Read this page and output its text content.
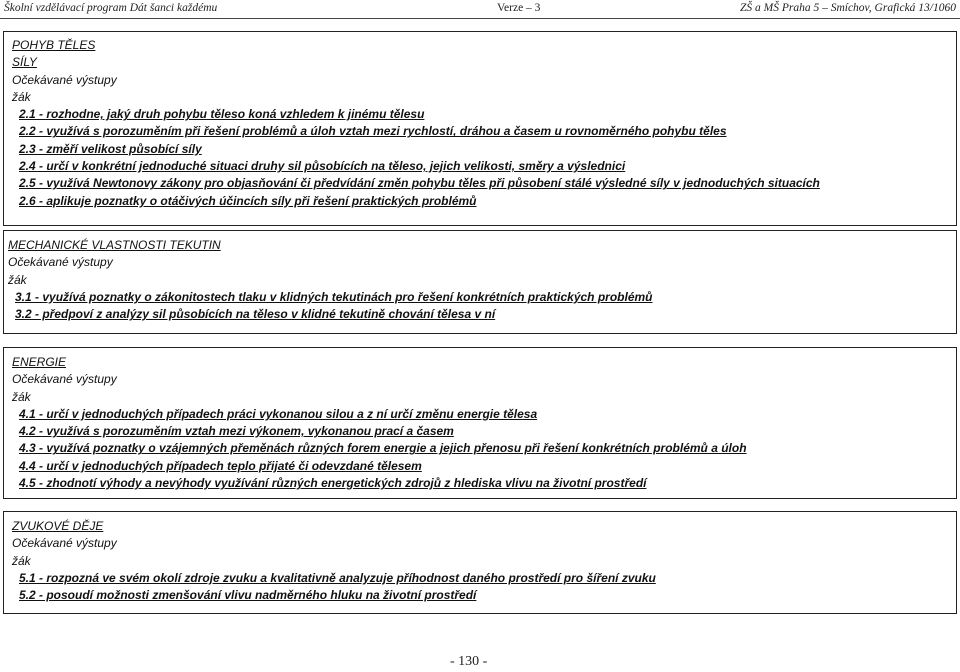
Školní vzdělávací program Dát šanci každému	Verze – 3	ZŠ a MŠ Praha 5 – Smíchov, Grafická 13/1060
POHYB TĚLES
SÍLY
Očekávané výstupy
žák
2.1 - rozhodne, jaký druh pohybu těleso koná vzhledem k jinému tělesu
2.2 - využívá s porozuměním při řešení problémů a úloh vztah mezi rychlostí, dráhou a časem u rovnoměrného pohybu těles
2.3 - změří velikost působící síly
2.4 - určí v konkrétní jednoduché situaci druhy sil působících na těleso, jejich velikosti, směry a výslednici
2.5 - využívá Newtonovy zákony pro objasňování či předvídání změn pohybu těles při působení stálé výsledné síly v jednoduchých situacích
2.6 - aplikuje poznatky o otáčivých účincích síly při řešení praktických problémů
MECHANICKÉ VLASTNOSTI TEKUTIN
Očekávané výstupy
žák
3.1 - využívá poznatky o zákonitostech tlaku v klidných tekutinách pro řešení konkrétních praktických problémů
3.2 - předpoví z analýzy sil působících na těleso v klidné tekutině chování tělesa v ní
ENERGIE
Očekávané výstupy
žák
4.1 - určí v jednoduchých případech práci vykonanou silou a z ní určí změnu energie tělesa
4.2 - využívá s porozuměním vztah mezi výkonem, vykonanou prací a časem
4.3 - využívá poznatky o vzájemných přeměnách různých forem energie a jejich přenosu při řešení konkrétních problémů a úloh
4.4 - určí v jednoduchých případech teplo přijaté či odevzdané tělesem
4.5 - zhodnotí výhody a nevýhody využívání různých energetických zdrojů z hlediska vlivu na životní prostředí
ZVUKOVÉ DĚJE
Očekávané výstupy
žák
5.1 - rozpozná ve svém okolí zdroje zvuku a kvalitativně analyzuje příhodnost daného prostředí pro šíření zvuku
5.2 - posoudí možnosti zmenšování vlivu nadměrného hluku na životní prostředí
- 130 -
